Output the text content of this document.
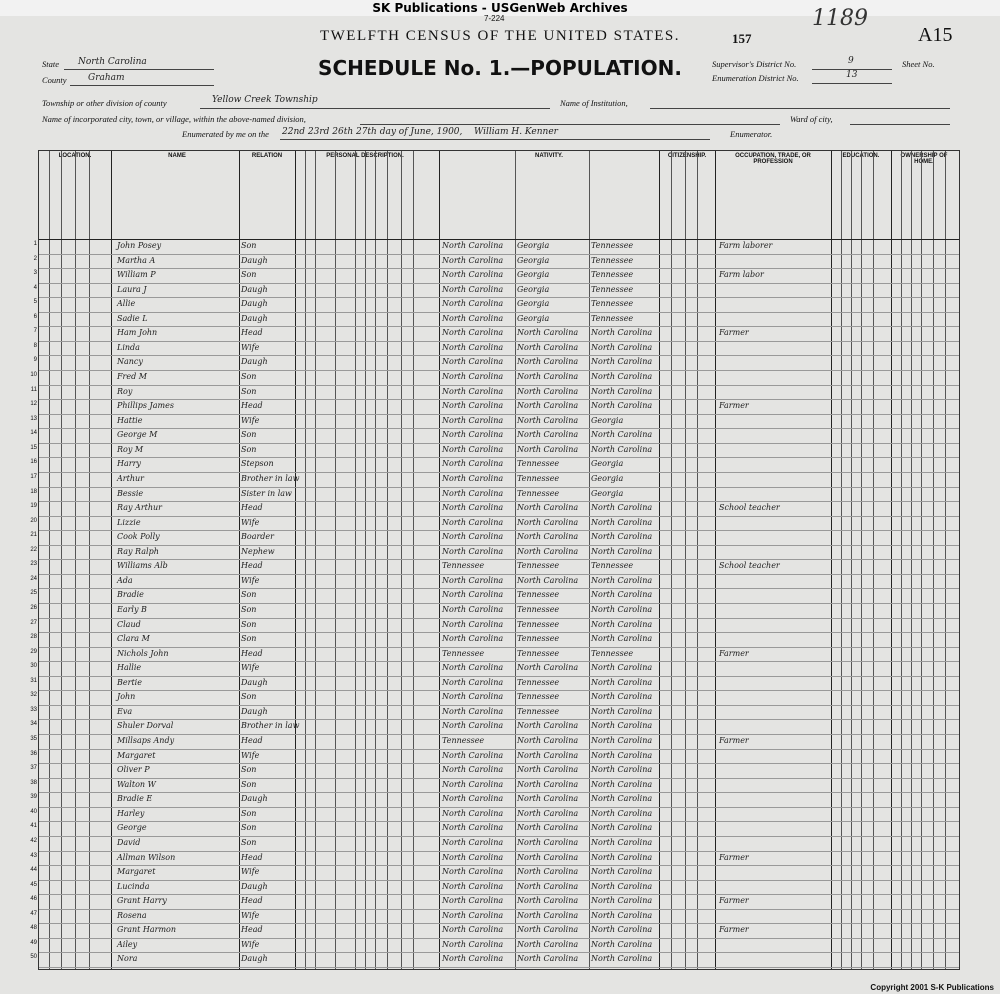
SK Publications - USGenWeb Archives
7-224	1189
TWELFTH CENSUS OF THE UNITED STATES.	157	A15
SCHEDULE No. 1.—POPULATION.
State North Carolina
County Graham
Township or other division of county	Yellow Creek Township
Name of incorporated city, town, or village, within the above-named division,
Enumerated by me on the 22nd 23rd 26th 27th day of June, 1900, William H. Kenner	Enumerator.
Name of Institution,
Ward of city,
Supervisor's District No.	9
Enumeration District No.	13
Sheet No.
LOCATION.	NAME	RELATION	PERSONAL DESCRIPTION.	NATIVITY.	CITIZENSHIP.	OCCUPATION, TRADE, OR PROFESSION
EDUCATION.	OWNERSHIP OF HOME.
1	John Posey	Son	North Carolina	Georgia	Tennessee	Farm laborer
2	Martha A	Daugh	North Carolina	Georgia	Tennessee
3	William P	Son	North Carolina	Georgia	Tennessee	Farm labor
4	Laura J	Daugh	North Carolina	Georgia	Tennessee
5	Allie	Daugh	North Carolina	Georgia	Tennessee
6	Sadie L	Daugh	North Carolina	Georgia	Tennessee
7	Ham John	Head	North Carolina	North Carolina	North Carolina	Farmer
8	Linda	Wife	North Carolina	North Carolina	North Carolina
9	Nancy	Daugh	North Carolina	North Carolina	North Carolina
10	Fred M	Son	North Carolina	North Carolina	North Carolina
11	Roy	Son	North Carolina	North Carolina	North Carolina
12	Phillips James	Head	North Carolina	North Carolina	North Carolina	Farmer
13	Hattie	Wife	North Carolina	North Carolina	Georgia
14	George M	Son	North Carolina	North Carolina	North Carolina
15	Roy M	Son	North Carolina	North Carolina	North Carolina
16	Harry	Stepson	North Carolina	Tennessee	Georgia
17	Arthur	Brother in law	North Carolina	Tennessee	Georgia
18	Bessie	Sister in law	North Carolina	Tennessee	Georgia
19	Ray Arthur	Head	North Carolina	North Carolina	North Carolina	School teacher
20	Lizzie	Wife	North Carolina	North Carolina	North Carolina
21	Cook Polly	Boarder	North Carolina	North Carolina	North Carolina
22	Ray Ralph	Nephew	North Carolina	North Carolina	North Carolina
23	Williams Alb	Head	Tennessee	Tennessee	Tennessee	School teacher
24	Ada	Wife	North Carolina	North Carolina	North Carolina
25	Bradie	Son	North Carolina	Tennessee	North Carolina
26	Early B	Son	North Carolina	Tennessee	North Carolina
27	Claud	Son	North Carolina	Tennessee	North Carolina
28	Clara M	Son	North Carolina	Tennessee	North Carolina
29	Nichols John	Head	Tennessee	Tennessee	Tennessee	Farmer
30	Hallie	Wife	North Carolina	North Carolina	North Carolina
31	Bertie	Daugh	North Carolina	Tennessee	North Carolina
32	John	Son	North Carolina	Tennessee	North Carolina
33	Eva	Daugh	North Carolina	Tennessee	North Carolina
34	Shuler Dorval	Brother in law	North Carolina	North Carolina	North Carolina
35	Millsaps Andy	Head	Tennessee	North Carolina	North Carolina	Farmer
36	Margaret	Wife	North Carolina	North Carolina	North Carolina
37	Oliver P	Son	North Carolina	North Carolina	North Carolina
38	Walton W	Son	North Carolina	North Carolina	North Carolina
39	Bradie E	Daugh	North Carolina	North Carolina	North Carolina
40	Harley	Son	North Carolina	North Carolina	North Carolina
41	George	Son	North Carolina	North Carolina	North Carolina
42	David	Son	North Carolina	North Carolina	North Carolina
43	Allman Wilson	Head	North Carolina	North Carolina	North Carolina	Farmer
44	Margaret	Wife	North Carolina	North Carolina	North Carolina
45	Lucinda	Daugh	North Carolina	North Carolina	North Carolina
46	Grant Harry	Head	North Carolina	North Carolina	North Carolina	Farmer
47	Rosena	Wife	North Carolina	North Carolina	North Carolina
48	Grant Harmon	Head	North Carolina	North Carolina	North Carolina	Farmer
49	Ailey	Wife	North Carolina	North Carolina	North Carolina
50	Nora	Daugh	North Carolina	North Carolina	North Carolina
Copyright 2001 S-K Publications
